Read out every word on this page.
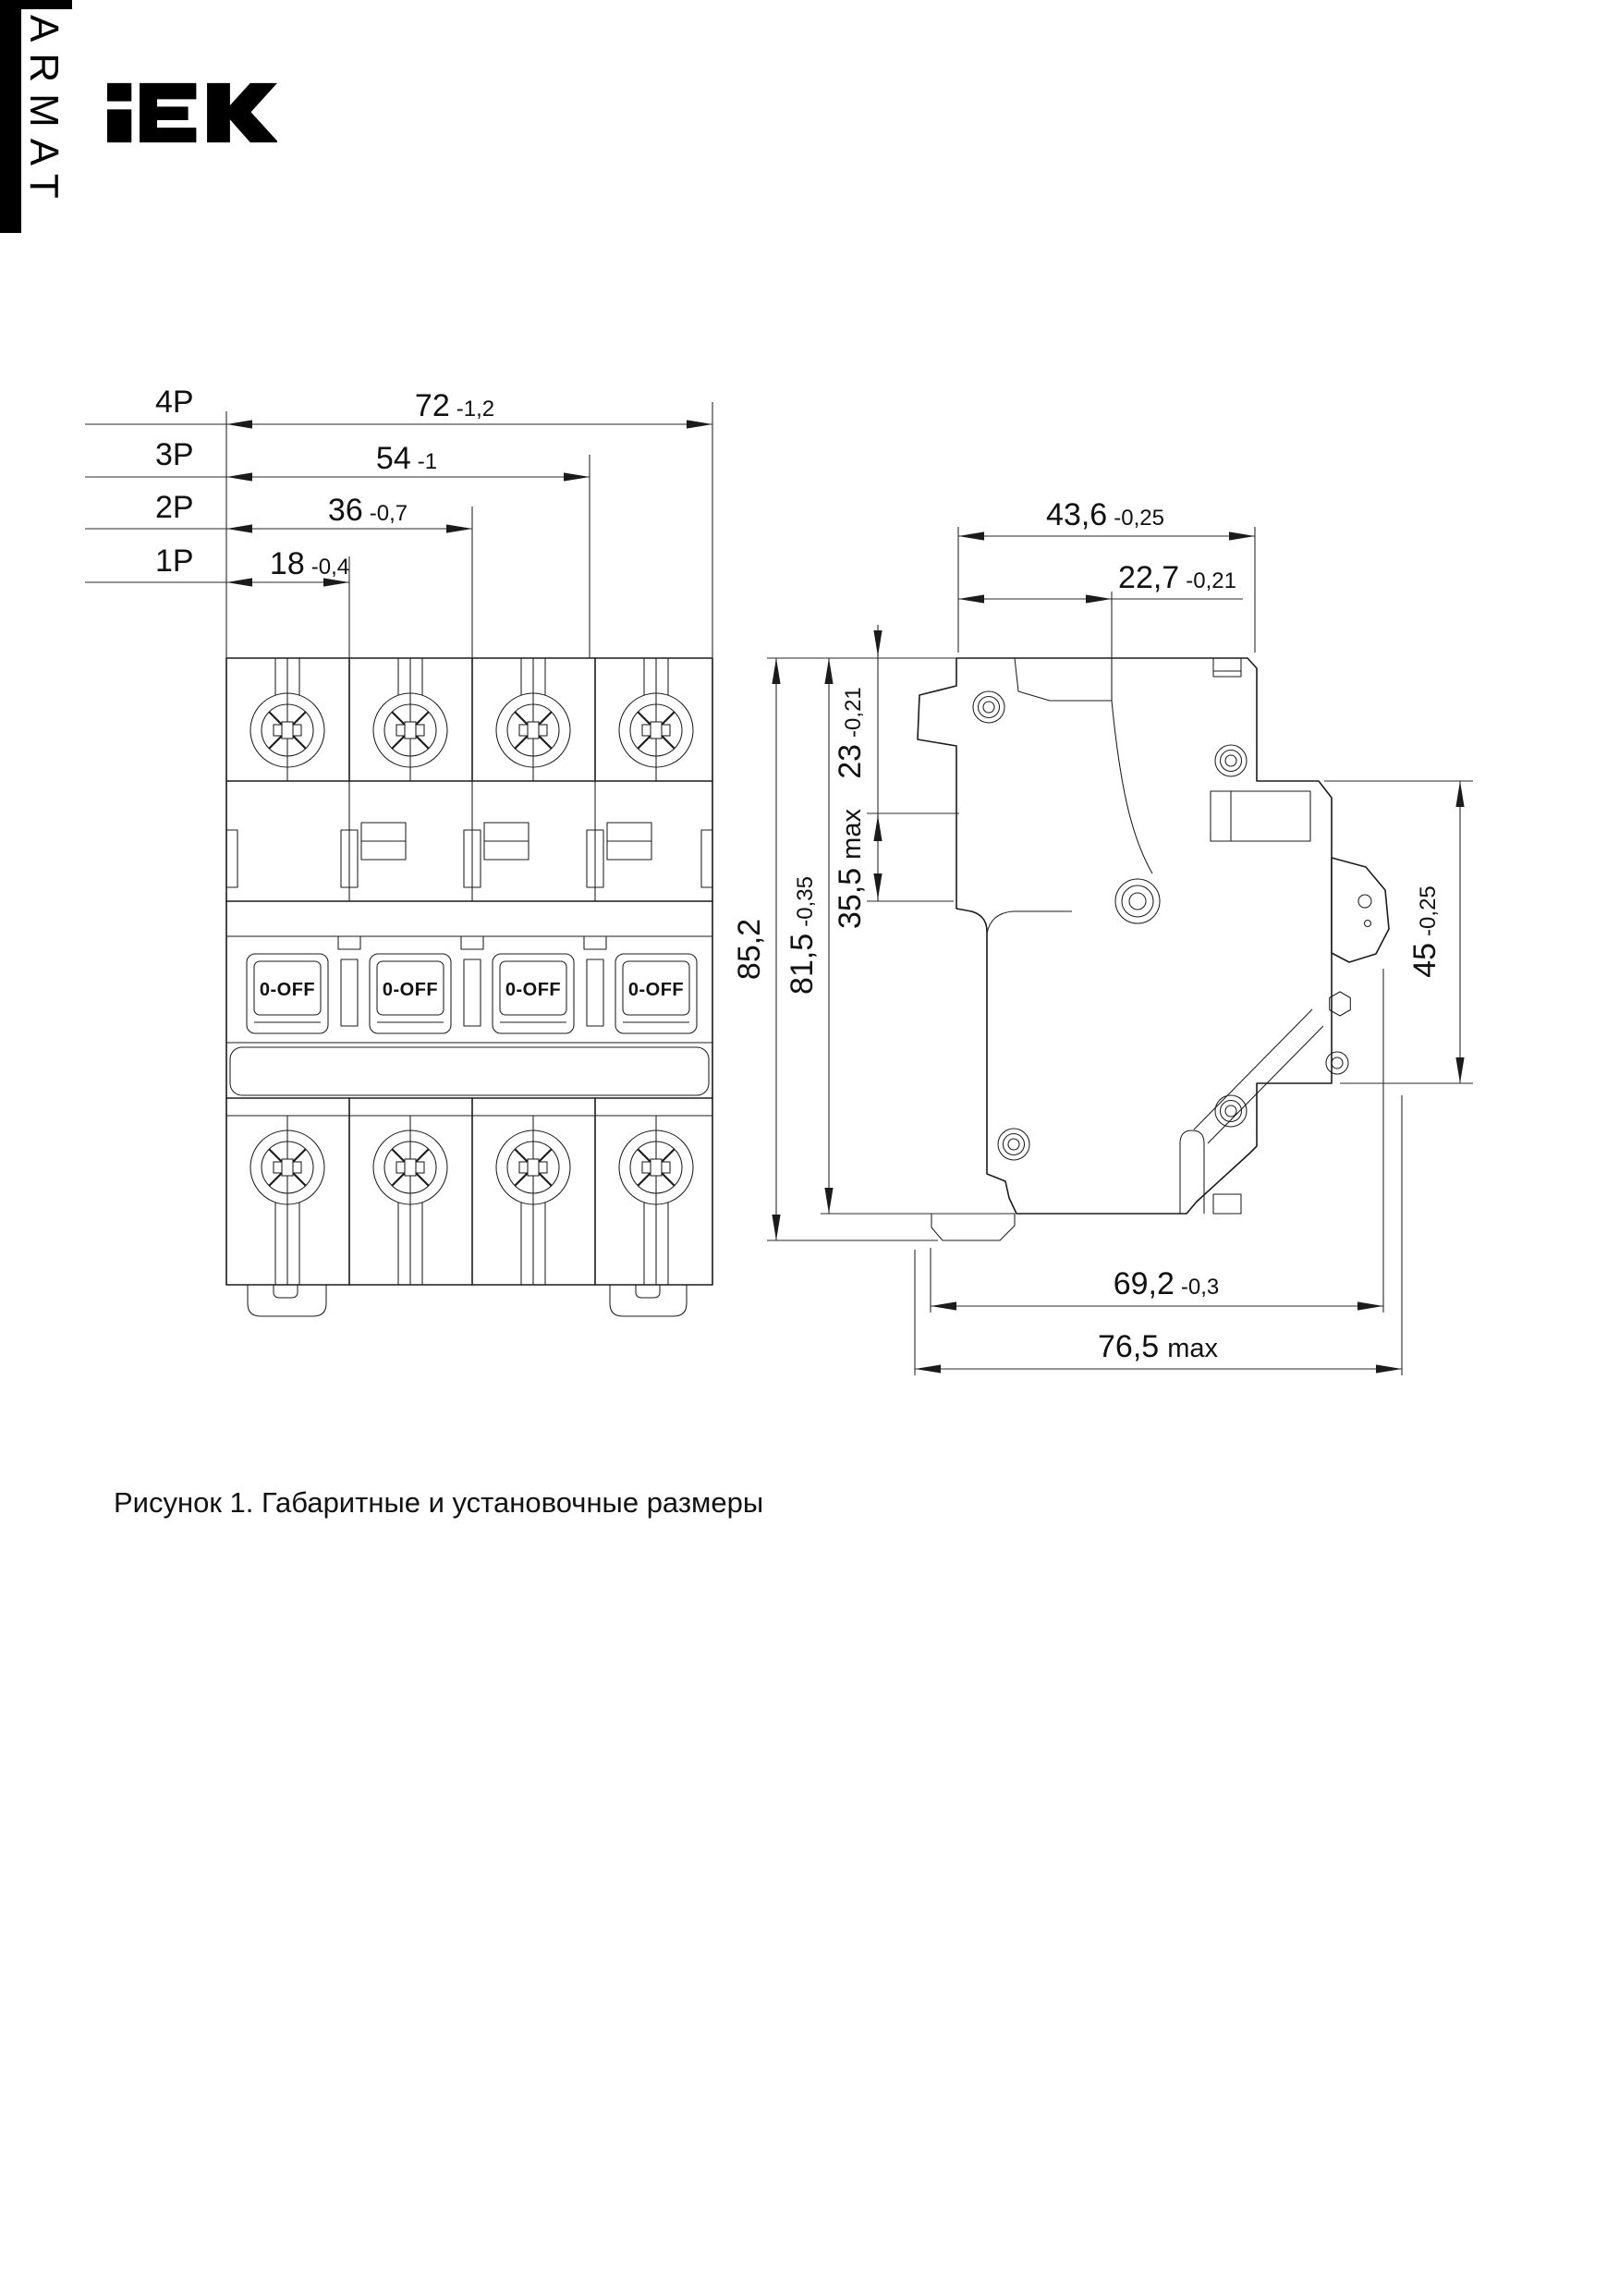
ARMAT
0-OFF	0-OFF	0-OFF	0-OFF
4P
3P
2P
1P
72 -1,2
54 -1
36 -0,7
18 -0,4
85,2 81,5-0,35
23-0,21
35,5max
43,6 -0,25
22,7 -0,21
45-0,25
69,2 -0,3
76,5 max
Рисунок 1. Габаритные и установочные размеры
